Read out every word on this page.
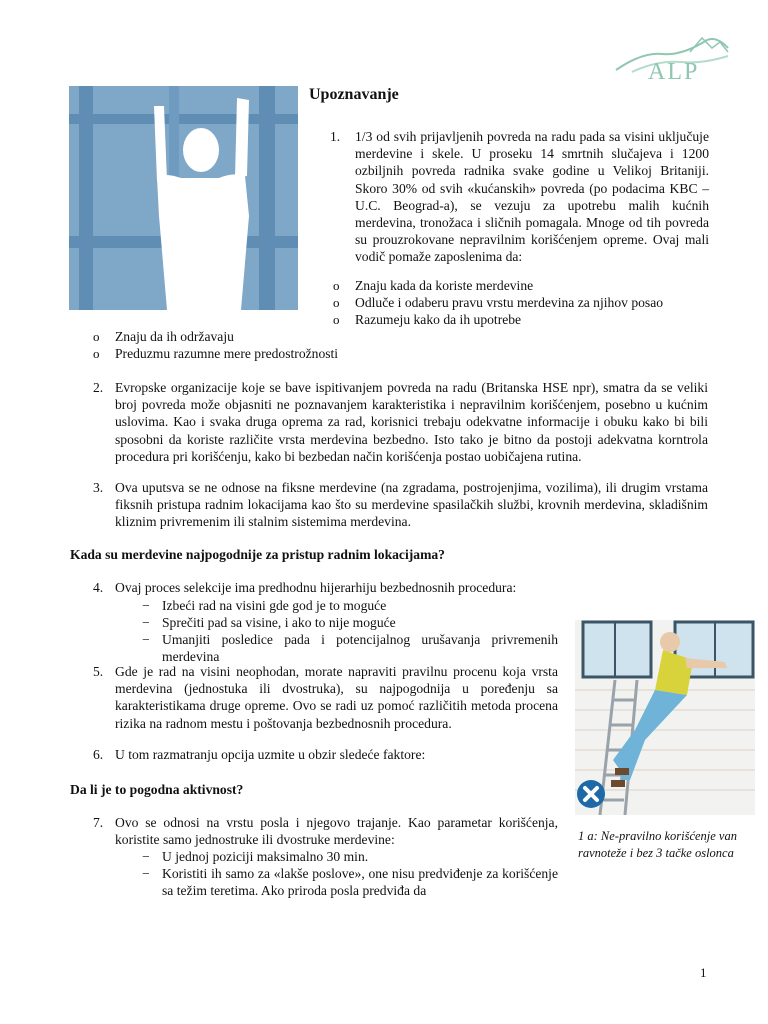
ALP
Upoznavanje
1. 1/3 od svih prijavljenih povreda na radu pada sa visini uključuje merdevine i skele. U proseku 14 smrtnih slučajeva i 1200 ozbiljnih povreda radnika svake godine u Velikoj Britaniji. Skoro 30% od svih «kućanskih» povreda (po podacima KBC – U.C. Beograd-a), se vezuju za upotrebu malih kućnih merdevina, tronožaca i sličnih pomagala. Mnoge od tih povreda su prouzrokovane nepravilnim korišćenjem opreme. Ovaj mali vodič pomaže zaposlenima da:
o Znaju kada da koriste merdevine
o Odluče i odaberu pravu vrstu merdevina za njihov posao
o Razumeju kako da ih upotrebe
o Znaju da ih održavaju
o Preduzmu razumne mere predostrožnosti
2. Evropske organizacije koje se bave ispitivanjem povreda na radu (Britanska HSE npr), smatra da se veliki broj povreda može objasniti ne poznavanjem karakteristika i nepravilnim korišćenjem, posebno u kućnim uslovima. Kao i svaka druga oprema za rad, korisnici trebaju odekvatne informacije i obuku kako bi bili sposobni da koriste različite vrsta merdevina bezbedno. Isto tako je bitno da postoji adekvatna korntrola procedura pri korišćenju, kako bi bezbedan način korišćenja postao uobičajena rutina.
3. Ova uputsva se ne odnose na fiksne merdevine (na zgradama, postrojenjima, vozilima), ili drugim vrstama fiksnih pristupa radnim lokacijama kao što su merdevine spasilačkih službi, krovnih merdevina, skladišnim kliznim privremenim ili stalnim sistemima merdevina.
Kada su merdevine najpogodnije za pristup radnim lokacijama?
4. Ovaj proces selekcije ima predhodnu hijerarhiju bezbednosnih procedura:
− Izbeći rad na visini gde god je to moguće
− Sprečiti pad sa visine, i ako to nije moguće
− Umanjiti posledice pada i potencijalnog urušavanja privremenih merdevina
5. Gde je rad na visini neophodan, morate napraviti pravilnu procenu koja vrsta merdevina (jednostuka ili dvostruka), su najpogodnija u poređenju sa karakteristikama druge opreme. Ovo se radi uz pomoć različitih metoda procena rizika na radnom mestu i poštovanja bezbednosnih procedura.
6. U tom razmatranju opcija uzmite u obzir sledeće faktore:
Da li je to pogodna aktivnost?
7. Ovo se odnosi na vrstu posla i njegovo trajanje. Kao parametar korišćenja, koristite samo jednostruke ili dvostruke merdevine:
− U jednoj poziciji maksimalno 30 min.
− Koristiti ih samo za «lakše poslove», one nisu predviđenje za korišćenje sa težim teretima. Ako priroda posla predviđa da
1 a: Ne-pravilno korišćenje van ravnoteže i bez 3 tačke oslonca
1
